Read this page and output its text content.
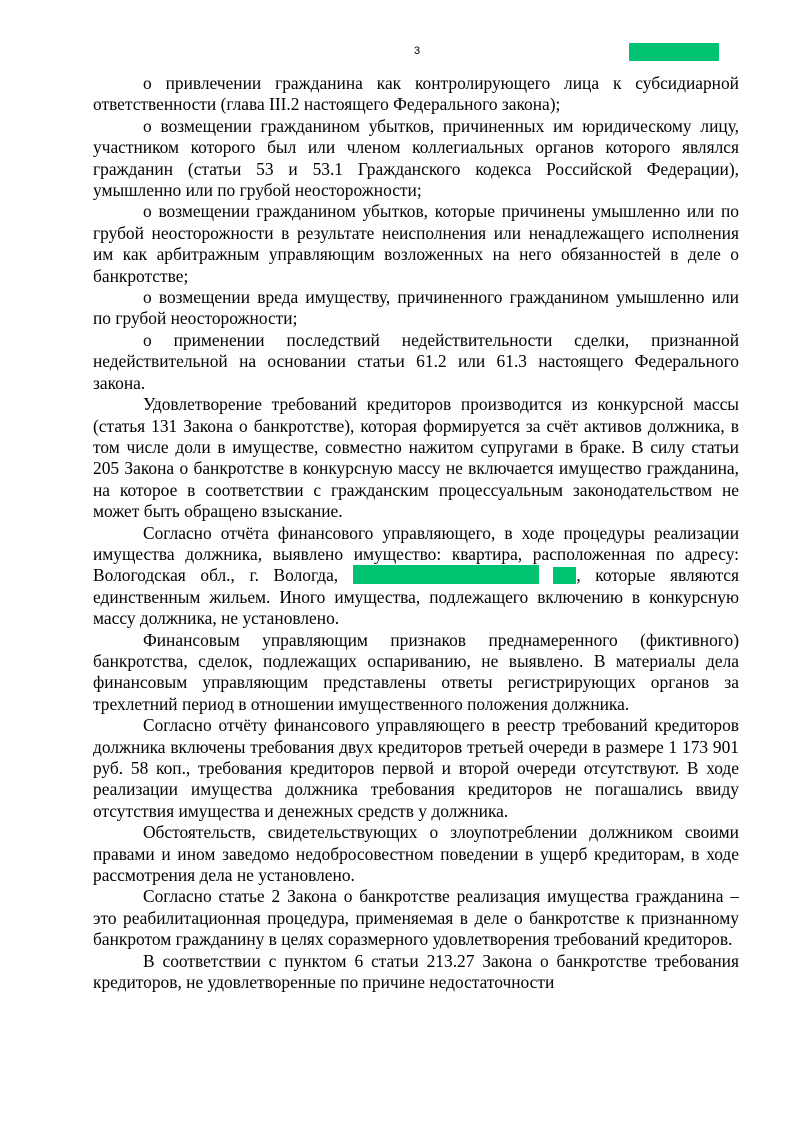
3

о привлечении гражданина как контролирующего лица к субсидиарной ответственности (глава III.2 настоящего Федерального закона);

о возмещении гражданином убытков, причиненных им юридическому лицу, участником которого был или членом коллегиальных органов которого являлся гражданин (статьи 53 и 53.1 Гражданского кодекса Российской Федерации), умышленно или по грубой неосторожности;

о возмещении гражданином убытков, которые причинены умышленно или по грубой неосторожности в результате неисполнения или ненадлежащего исполнения им как арбитражным управляющим возложенных на него обязанностей в деле о банкротстве;

о возмещении вреда имуществу, причиненного гражданином умышленно или по грубой неосторожности;

о применении последствий недействительности сделки, признанной недействительной на основании статьи 61.2 или 61.3 настоящего Федерального закона.

Удовлетворение требований кредиторов производится из конкурсной массы (статья 131 Закона о банкротстве), которая формируется за счёт активов должника, в том числе доли в имуществе, совместно нажитом супругами в браке. В силу статьи 205 Закона о банкротстве в конкурсную массу не включается имущество гражданина, на которое в соответствии с гражданским процессуальным законодательством не может быть обращено взыскание.

Согласно отчёта финансового управляющего, в ходе процедуры реализации имущества должника, выявлено имущество: квартира, расположенная по адресу: Вологодская обл., г. Вологда,	, которые являются единственным жильем. Иного имущества, подлежащего включению в конкурсную массу должника, не установлено.

Финансовым управляющим признаков преднамеренного (фиктивного) банкротства, сделок, подлежащих оспариванию, не выявлено. В материалы дела финансовым управляющим представлены ответы регистрирующих органов за трехлетний период в отношении имущественного положения должника.

Согласно отчёту финансового управляющего в реестр требований кредиторов должника включены требования двух кредиторов третьей очереди в размере 1 173 901 руб. 58 коп., требования кредиторов первой и второй очереди отсутствуют. В ходе реализации имущества должника требования кредиторов не погашались ввиду отсутствия имущества и денежных средств у должника.

Обстоятельств, свидетельствующих о злоупотреблении должником своими правами и ином заведомо недобросовестном поведении в ущерб кредиторам, в ходе рассмотрения дела не установлено.

Согласно статье 2 Закона о банкротстве реализация имущества гражданина – это реабилитационная процедура, применяемая в деле о банкротстве к признанному банкротом гражданину в целях соразмерного удовлетворения требований кредиторов.

В соответствии с пунктом 6 статьи 213.27 Закона о банкротстве требования кредиторов, не удовлетворенные по причине недостаточности
